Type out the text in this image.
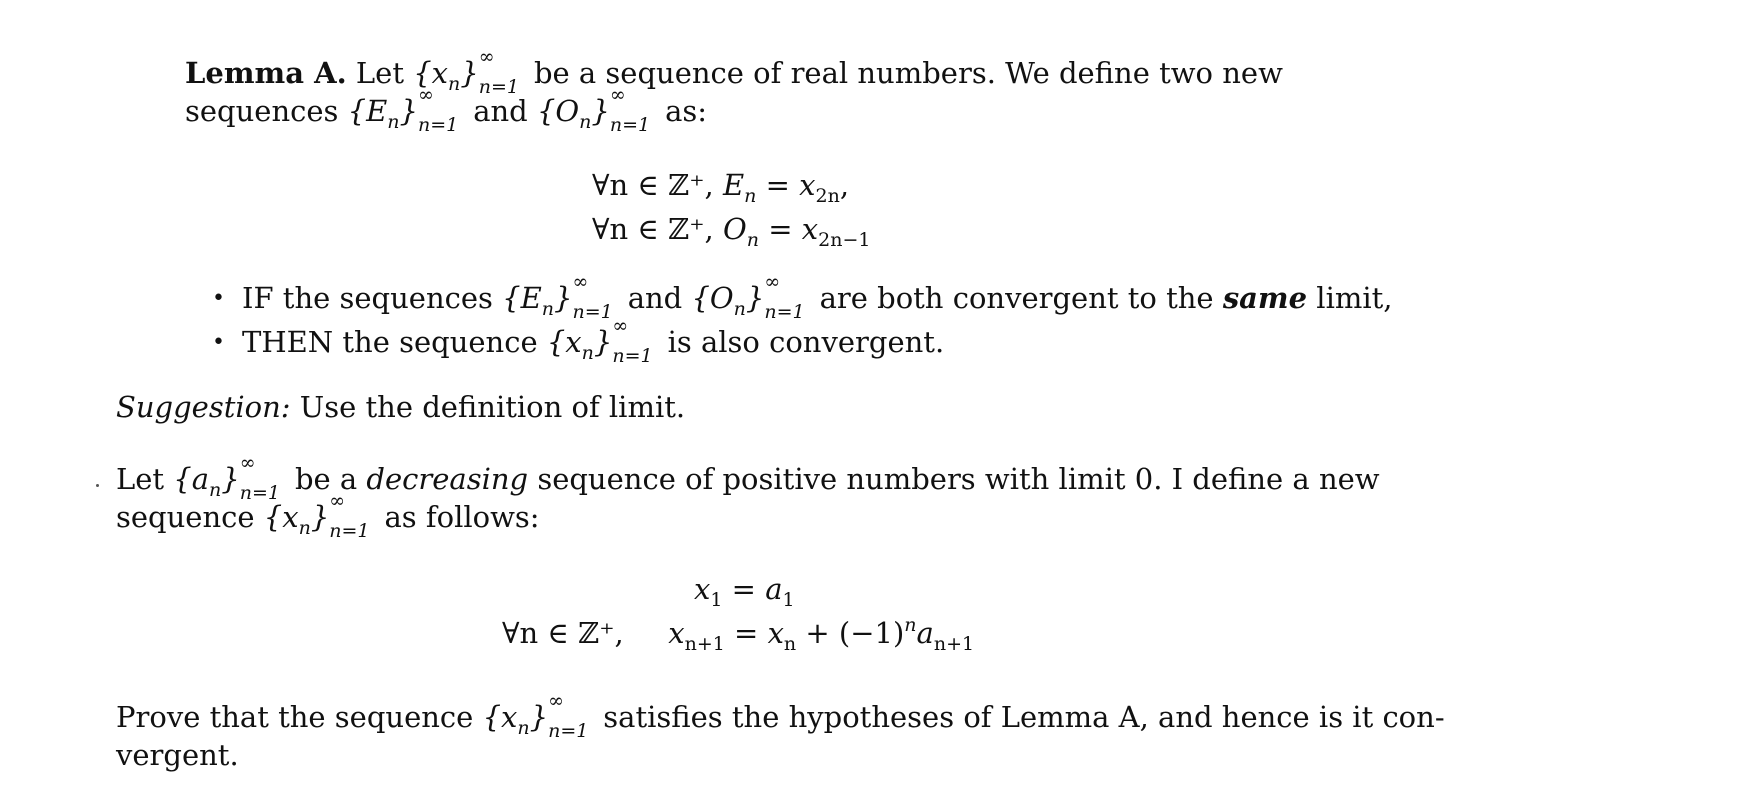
Lemma A. Let $\{x_n\}$ ∞
n=1 be a sequence of real numbers. We define two new
sequences $\{E_n\}$ ∞
n=1 and $\{O_n\}$ ∞
n=1 as:
∀n ∈ ℤ⁺, $E_n = x_{2n}$,
∀n ∈ ℤ⁺, $O_n = x_{2n-1}$
• IF the sequences $\{E_n\}$ ∞
n=1 and $\{O_n\}$ ∞
n=1 are both convergent to the same limit,
• THEN the sequence $\{x_n\}$ ∞
n=1 is also convergent.
Suggestion: Use the definition of limit.
Let $\{a_n\}$ ∞
n=1 be a decreasing sequence of positive numbers with limit 0. I define a new
sequence $\{x_n\}$ ∞
n=1 as follows:
$x_1 = a_1$
∀n ∈ ℤ⁺, $x_{n+1} = x_n + (-1)^na_{n+1}$
Prove that the sequence $\{x_n\}$ ∞
n=1 satisfies the hypotheses of Lemma A, and hence is it con-
vergent.
